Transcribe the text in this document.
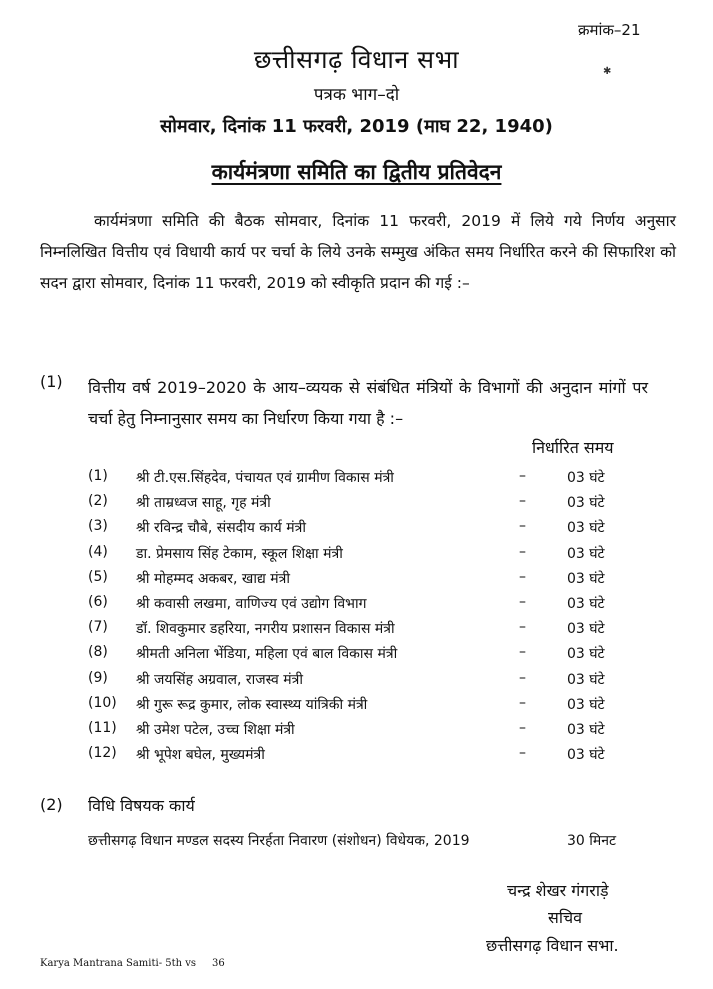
क्रमांक–21
✱
छत्तीसगढ़ विधान सभा
पत्रक भाग–दो
सोमवार, दिनांक 11 फरवरी, 2019 (माघ 22, 1940)
कार्यमंत्रणा समिति का द्वितीय प्रतिवेदन
कार्यमंत्रणा समिति की बैठक सोमवार, दिनांक 11 फरवरी, 2019 में लिये गये निर्णय अनुसार निम्नलिखित वित्तीय एवं विधायी कार्य पर चर्चा के लिये उनके सम्मुख अंकित समय निर्धारित करने की सिफारिश को सदन द्वारा सोमवार, दिनांक 11 फरवरी, 2019 को स्वीकृति प्रदान की गई :–
(1) वित्तीय वर्ष 2019–2020 के आय–व्ययक से संबंधित मंत्रियों के विभागों की अनुदान मांगों पर चर्चा हेतु निम्नानुसार समय का निर्धारण किया गया है :–
निर्धारित समय
(1) श्री टी.एस.सिंहदेव, पंचायत एवं ग्रामीण विकास मंत्री	–	03 घंटे
(2) श्री ताम्रध्वज साहू, गृह मंत्री	–	03 घंटे
(3) श्री रविन्द्र चौबे, संसदीय कार्य मंत्री	–	03 घंटे
(4) डा. प्रेमसाय सिंह टेकाम, स्कूल शिक्षा मंत्री	–	03 घंटे
(5) श्री मोहम्मद अकबर, खाद्य मंत्री	–	03 घंटे
(6) श्री कवासी लखमा, वाणिज्य एवं उद्योग विभाग	–	03 घंटे
(7) डॉ. शिवकुमार डहरिया, नगरीय प्रशासन विकास मंत्री	–	03 घंटे
(8) श्रीमती अनिला भेंडिया, महिला एवं बाल विकास मंत्री	–	03 घंटे
(9) श्री जयसिंह अग्रवाल, राजस्व मंत्री	–	03 घंटे
(10) श्री गुरू रूद्र कुमार, लोक स्वास्थ्य यांत्रिकी मंत्री	–	03 घंटे
(11) श्री उमेश पटेल, उच्च शिक्षा मंत्री	–	03 घंटे
(12) श्री भूपेश बघेल, मुख्यमंत्री	–	03 घंटे
(2) विधि विषयक कार्य
छत्तीसगढ़ विधान मण्डल सदस्य निरर्हता निवारण (संशोधन) विधेयक, 2019	30 मिनट
चन्द्र शेखर गंगराड़े
सचिव
छत्तीसगढ़ विधान सभा.
Karya Mantrana Samiti- 5th vs 36
